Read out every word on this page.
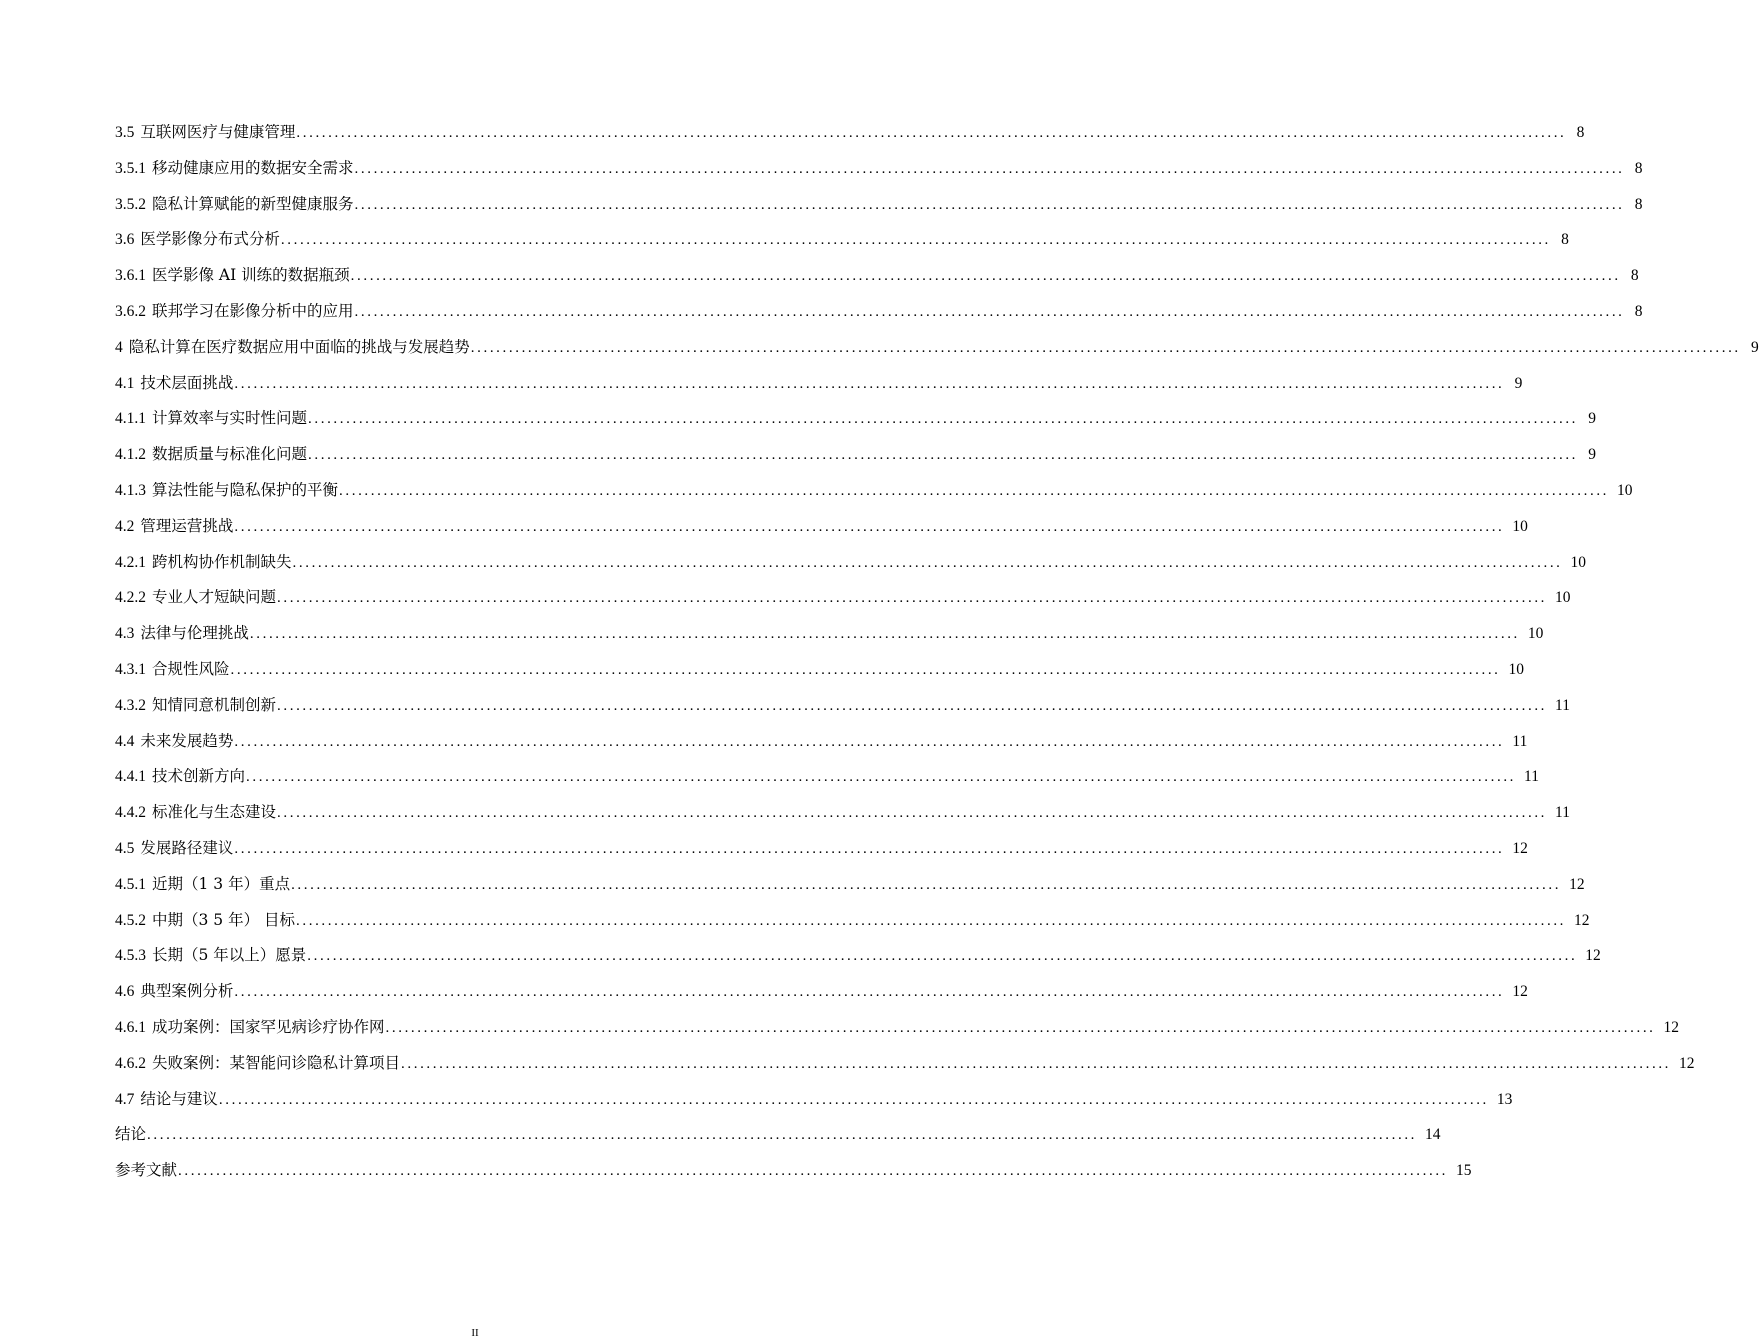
3.5 互联网医疗与健康管理 ........................................................................................................................................................................................................ 8
3.5.1 移动健康应用的数据安全需求 ........................................................................................................................................................................................................ 8
3.5.2 隐私计算赋能的新型健康服务 ........................................................................................................................................................................................................ 8
3.6 医学影像分布式分析 ........................................................................................................................................................................................................ 8
3.6.1 医学影像 AI 训练的数据瓶颈 ........................................................................................................................................................................................................ 8
3.6.2 联邦学习在影像分析中的应用 ........................................................................................................................................................................................................ 8
4 隐私计算在医疗数据应用中面临的挑战与发展趋势 ........................................................................................................................................................................................................ 9
4.1 技术层面挑战 ........................................................................................................................................................................................................ 9
4.1.1 计算效率与实时性问题 ........................................................................................................................................................................................................ 9
4.1.2 数据质量与标准化问题 ........................................................................................................................................................................................................ 9
4.1.3 算法性能与隐私保护的平衡 ........................................................................................................................................................................................................ 10
4.2 管理运营挑战 ........................................................................................................................................................................................................ 10
4.2.1 跨机构协作机制缺失 ........................................................................................................................................................................................................ 10
4.2.2 专业人才短缺问题 ........................................................................................................................................................................................................ 10
4.3 法律与伦理挑战 ........................................................................................................................................................................................................ 10
4.3.1 合规性风险 ........................................................................................................................................................................................................ 10
4.3.2 知情同意机制创新 ........................................................................................................................................................................................................ 11
4.4 未来发展趋势 ........................................................................................................................................................................................................ 11
4.4.1 技术创新方向 ........................................................................................................................................................................................................ 11
4.4.2 标准化与生态建设 ........................................................................................................................................................................................................ 11
4.5 发展路径建议 ........................................................................................................................................................................................................ 12
4.5.1 近期（1 3 年）重点 ........................................................................................................................................................................................................ 12
4.5.2 中期（3 5 年） 目标 ........................................................................................................................................................................................................ 12
4.5.3 长期（5 年以上）愿景 ........................................................................................................................................................................................................ 12
4.6 典型案例分析 ........................................................................................................................................................................................................ 12
4.6.1 成功案例：国家罕见病诊疗协作网 ........................................................................................................................................................................................................ 12
4.6.2 失败案例：某智能问诊隐私计算项目 ........................................................................................................................................................................................................ 12
4.7 结论与建议 ........................................................................................................................................................................................................ 13
结论 ........................................................................................................................................................................................................ 14
参考文献 ........................................................................................................................................................................................................ 15
II
